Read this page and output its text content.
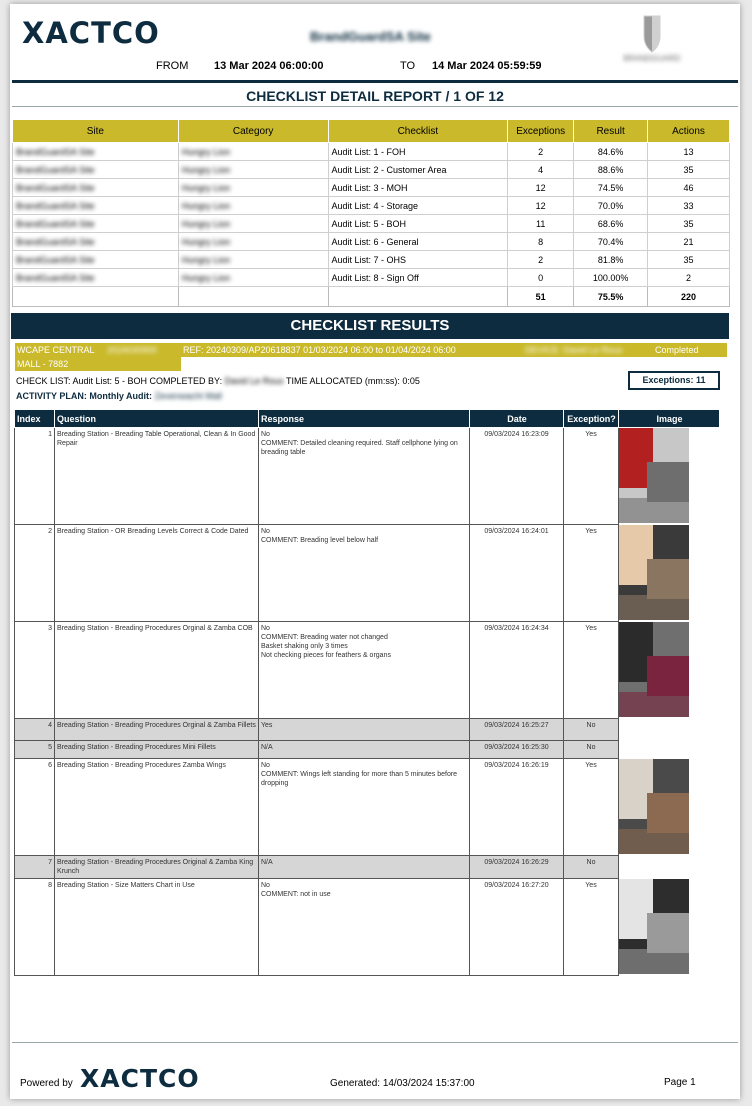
XACTCO	BrandGuardSA Site
BRANDGUARD
FROM 13 Mar 2024 06:00:00	TO 14 Mar 2024 05:59:59
CHECKLIST DETAIL REPORT / 1 OF 12
Site	Category	Checklist	Exceptions	Result	Actions
BrandGuardSA Site	Hungry Lion	Audit List: 1 - FOH	2	84.6%	13
BrandGuardSA Site	Hungry Lion	Audit List: 2 - Customer Area	4	88.6%	35
BrandGuardSA Site	Hungry Lion	Audit List: 3 - MOH	12	74.5%	46
BrandGuardSA Site	Hungry Lion	Audit List: 4 - Storage	12	70.0%	33
BrandGuardSA Site	Hungry Lion	Audit List: 5 - BOH	11	68.6%	35
BrandGuardSA Site	Hungry Lion	Audit List: 6 - General	8	70.4%	21
BrandGuardSA Site	Hungry Lion	Audit List: 7 - OHS	2	81.8%	35
BrandGuardSA Site	Hungry Lion	Audit List: 8 - Sign Off	0	100.00%	2
			51	75.5%	220
CHECKLIST RESULTS
WCAPE CENTRAL 2024030900	REF: 20240309/AP20618837 01/03/2024 06:00 to 01/04/2024 06:00	DEVICE: David Le Roux	Completed
MALL - 7882
CHECK LIST: Audit List: 5 - BOH COMPLETED BY: David Le Roux TIME ALLOCATED (mm:ss): 0:05	Exceptions: 11
ACTIVITY PLAN: Monthly Audit: Zevenwacht Mall
Index	Question	Response	Date	Exception?	Image
1	Breading Station - Breading Table Operational, Clean & In Good Repair	No
COMMENT: Detailed cleaning required. Staff cellphone lying on breading table	09/03/2024 16:23:09	Yes	

2	Breading Station - OR Breading Levels Correct & Code Dated	No
COMMENT: Breading level below half	09/03/2024 16:24:01	Yes	

3	Breading Station - Breading Procedures Orginal & Zamba COB	No
COMMENT: Breading water not changed
Basket shaking only 3 times
Not checking pieces for feathers & organs	09/03/2024 16:24:34	Yes	

4	Breading Station - Breading Procedures Orginal & Zamba Fillets	Yes	09/03/2024 16:25:27	No	
5	Breading Station - Breading Procedures Mini Fillets	N/A	09/03/2024 16:25:30	No	
6	Breading Station - Breading Procedures Zamba Wings	No
COMMENT: Wings left standing for more than 5 minutes before dropping	09/03/2024 16:26:19	Yes	

7	Breading Station - Breading Procedures Original & Zamba King Krunch	N/A	09/03/2024 16:26:29	No	
8	Breading Station - Size Matters Chart in Use	No
COMMENT: not in use	09/03/2024 16:27:20	Yes	
Powered by XACTCO	Generated: 14/03/2024 15:37:00	Page 1
